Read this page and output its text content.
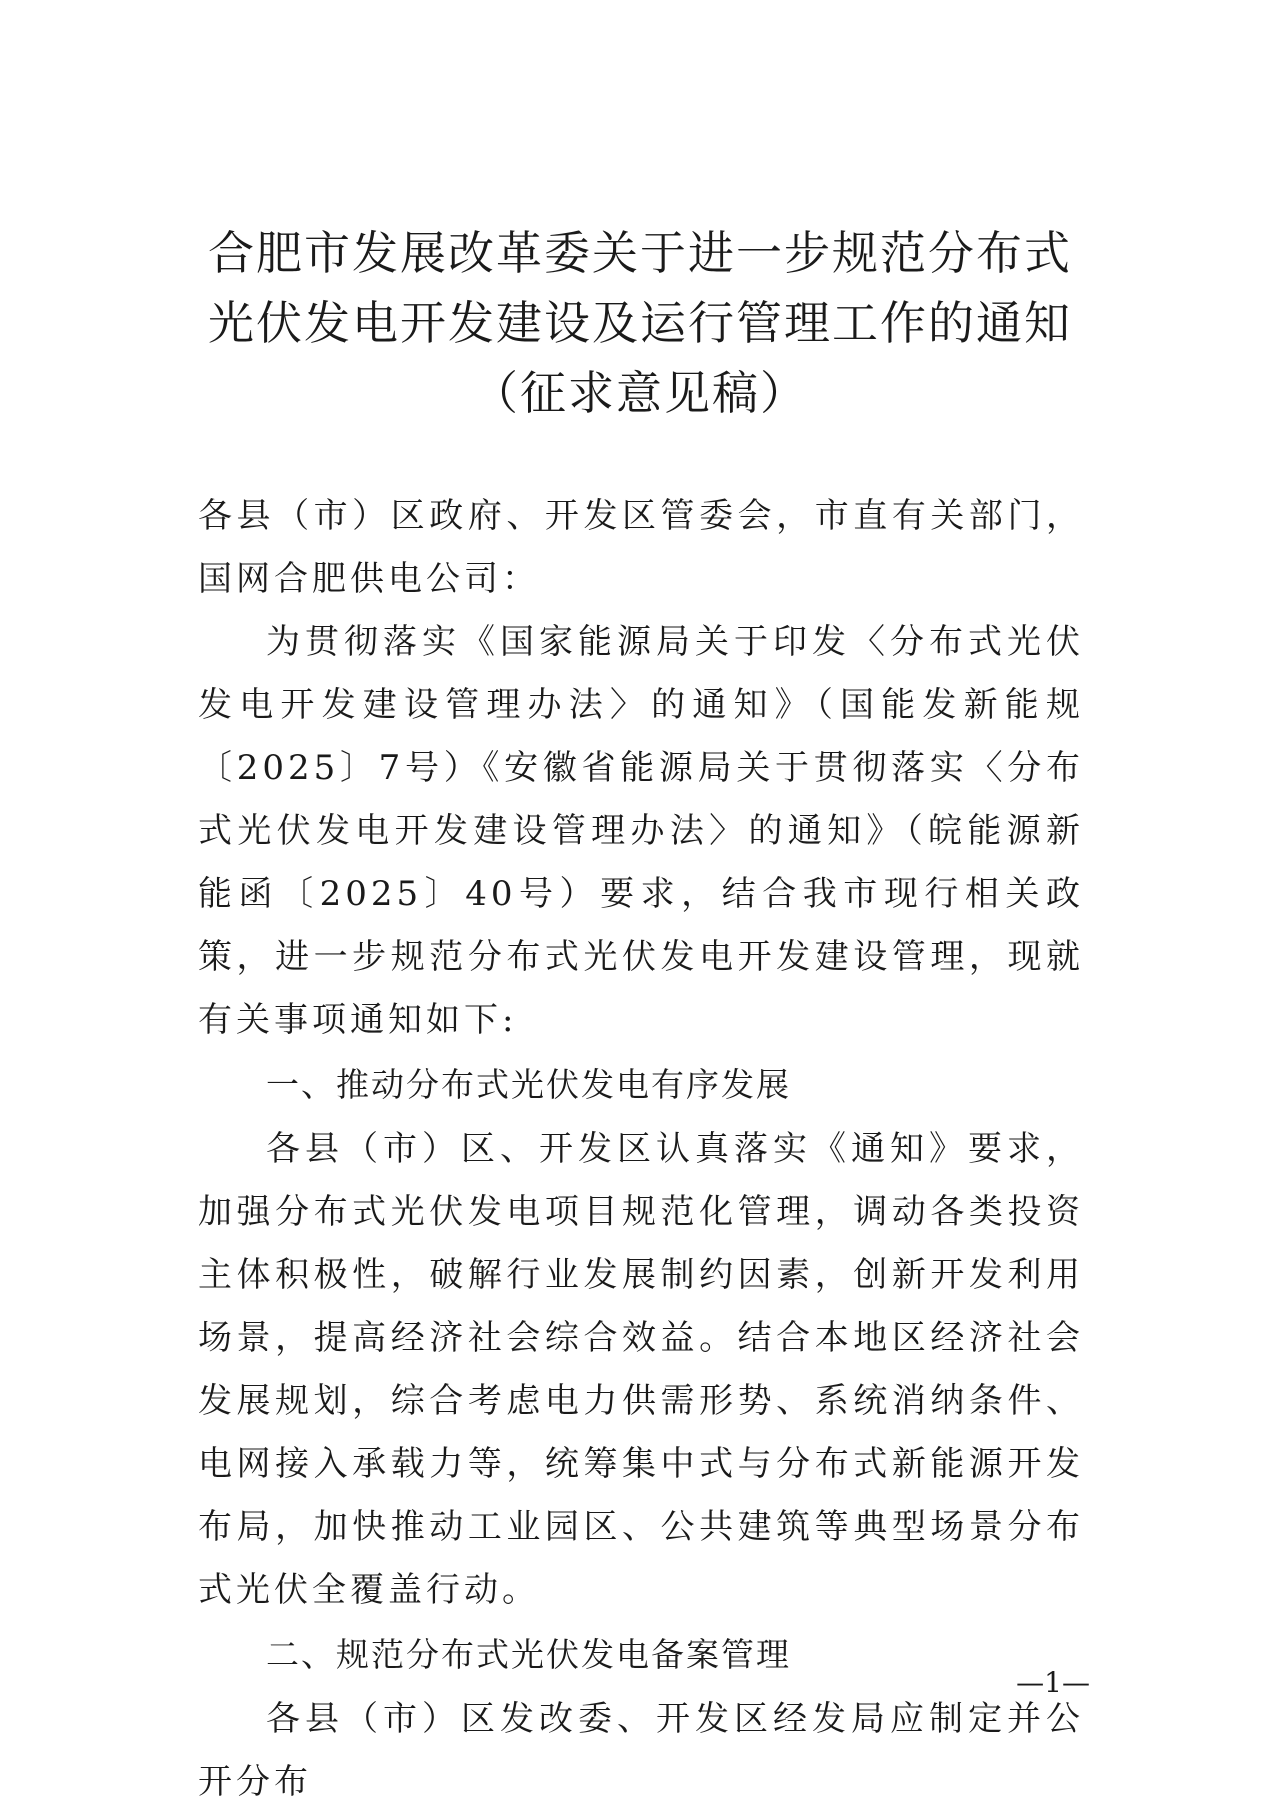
合肥市发展改革委关于进一步规范分布式
光伏发电开发建设及运行管理工作的通知
（征求意见稿）

各县（市）区政府、开发区管委会，市直有关部门，国网合肥供电公司：

为贯彻落实《国家能源局关于印发〈分布式光伏发电开发建设管理办法〉的通知》（国能发新能规〔2025〕7号）《安徽省能源局关于贯彻落实〈分布式光伏发电开发建设管理办法〉的通知》（皖能源新能函〔2025〕40号）要求，结合我市现行相关政策，进一步规范分布式光伏发电开发建设管理，现就有关事项通知如下:

一、推动分布式光伏发电有序发展

各县（市）区、开发区认真落实《通知》要求，加强分布式光伏发电项目规范化管理，调动各类投资主体积极性，破解行业发展制约因素，创新开发利用场景，提高经济社会综合效益。结合本地区经济社会发展规划，综合考虑电力供需形势、系统消纳条件、电网接入承载力等，统筹集中式与分布式新能源开发布局，加快推动工业园区、公共建筑等典型场景分布式光伏全覆盖行动。

二、规范分布式光伏发电备案管理

各县（市）区发改委、开发区经发局应制定并公开分布

—1—
